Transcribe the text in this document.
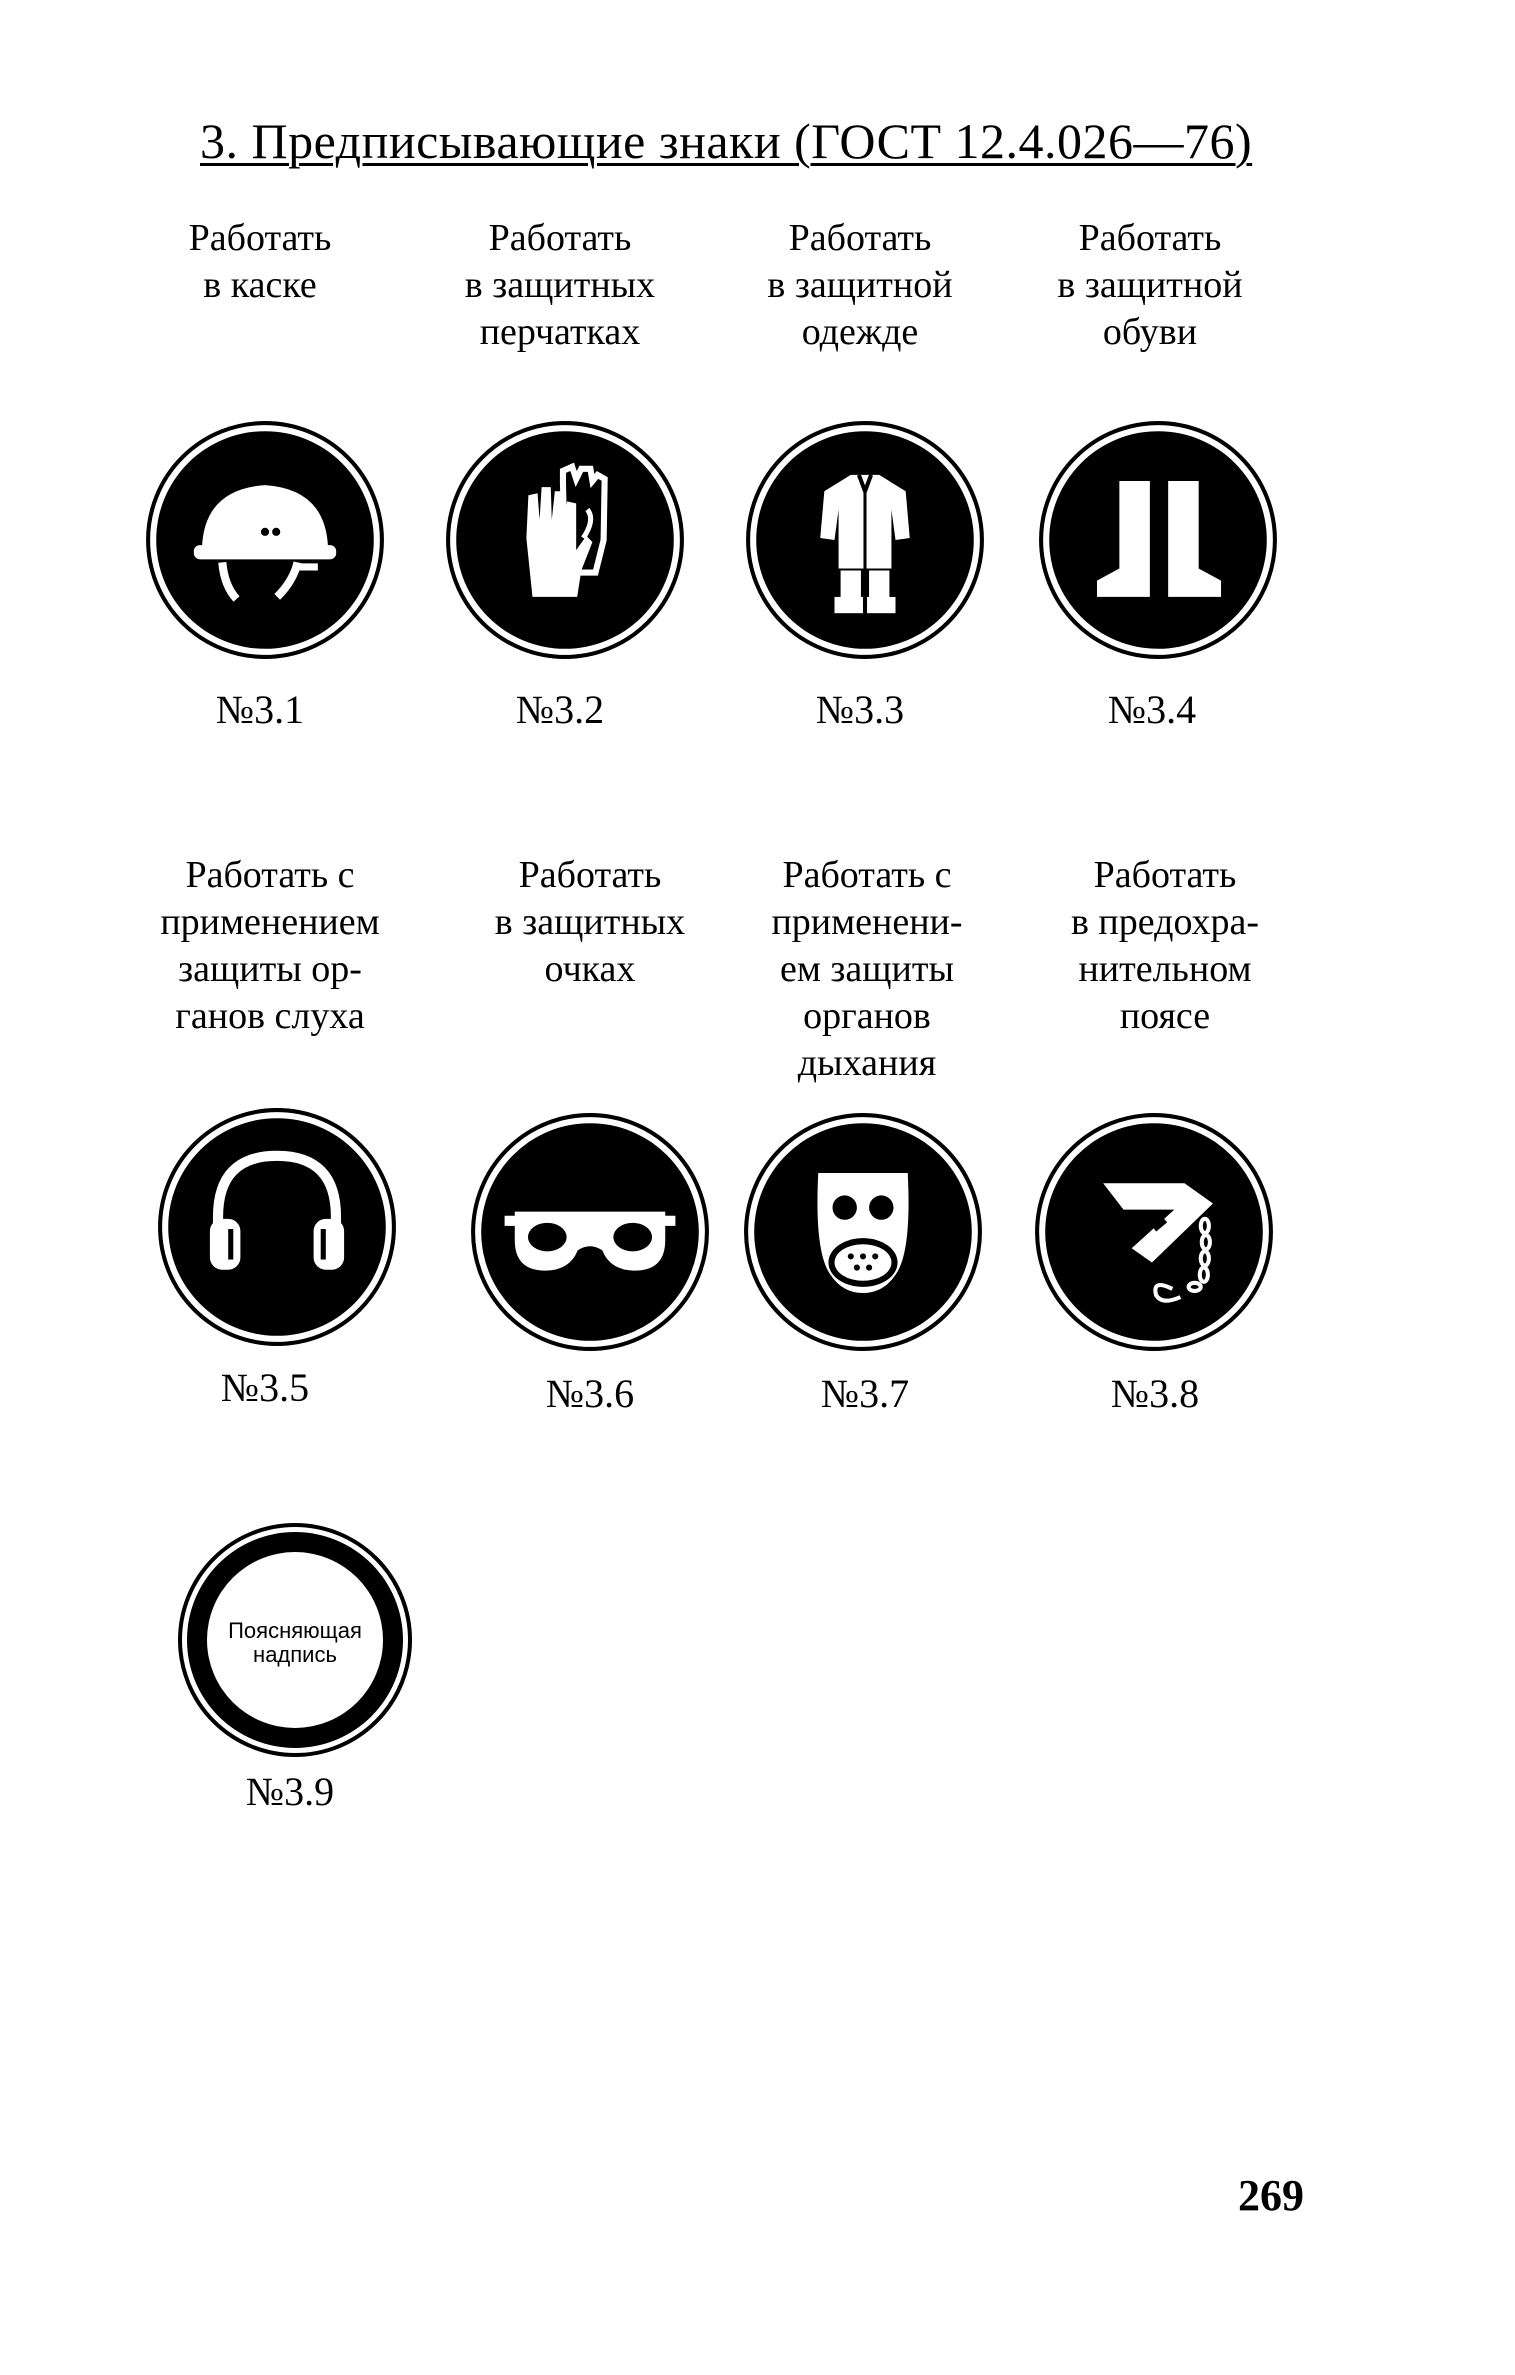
3. Предписывающие знаки (ГОСТ 12.4.026—76)
Работать
в каске
Работать
в защитных
перчатках
Работать
в защитной
одежде
Работать
в защитной
обуви
№3.1	№3.2	№3.3	№3.4
Работать с
применением
защиты ор-
ганов слуха
Работать
в защитных
очках
Работать с
применени-
ем защиты
органов
дыхания
Работать
в предохра-
нительном
поясе
№3.5	№3.6	№3.7	№3.8
Поясняющая
надпись
№3.9
269
